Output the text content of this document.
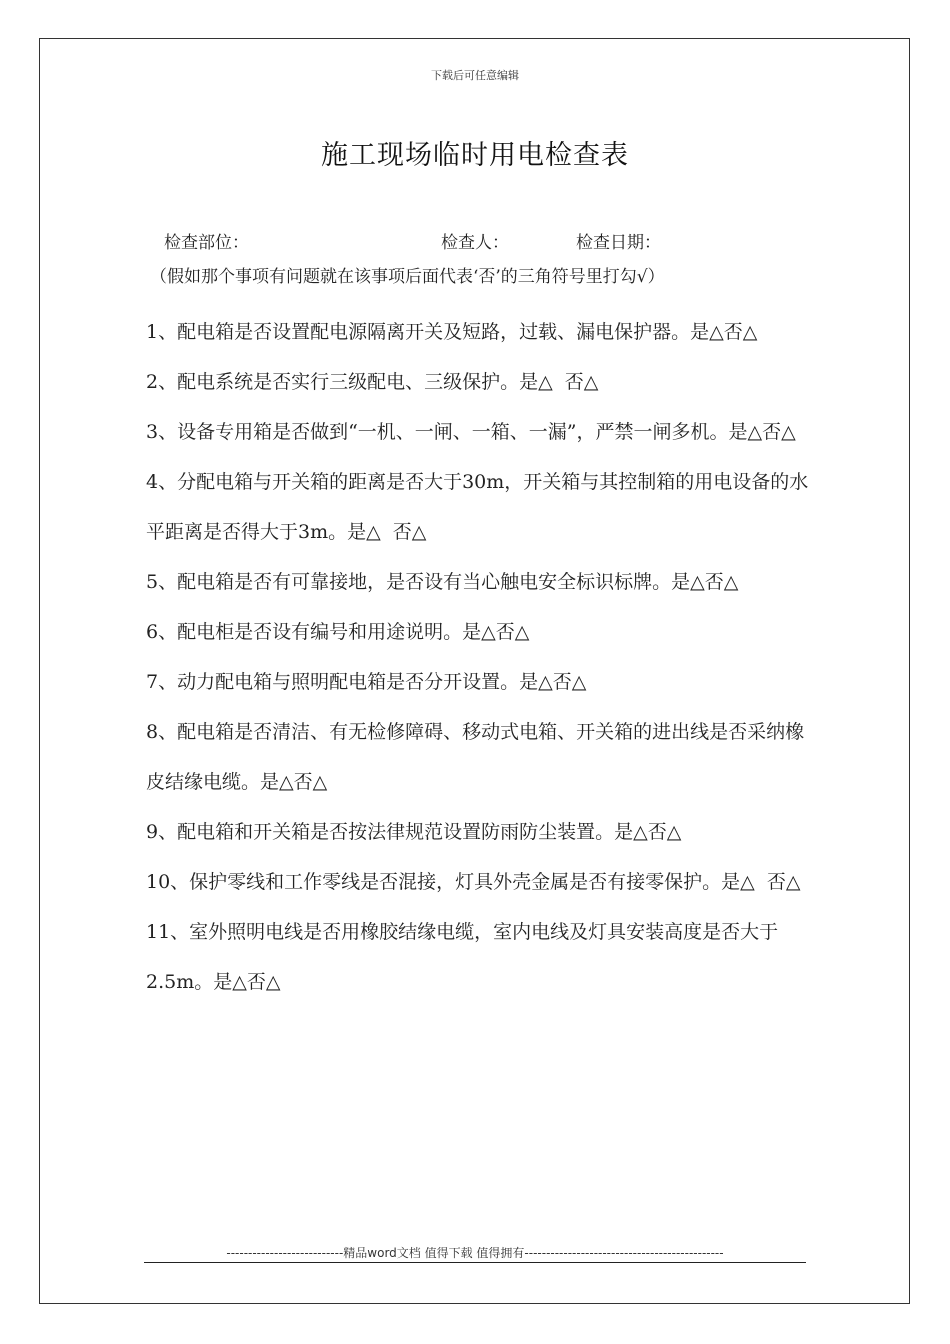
下载后可任意编辑
施工现场临时用电检查表
检查部位：	检查人：	检查日期：
（假如那个事项有问题就在该事项后面代表‘否’的三角符号里打勾√）

1、配电箱是否设置配电源隔离开关及短路，过载、漏电保护器。是△否△

2、配电系统是否实行三级配电、三级保护。是△  否△

3、设备专用箱是否做到“一机、一闸、一箱、一漏”，严禁一闸多机。是△否△

4、分配电箱与开关箱的距离是否大于30m，开关箱与其控制箱的用电设备的水平距离是否得大于3m。是△  否△

5、配电箱是否有可靠接地，是否设有当心触电安全标识标牌。是△否△

6、配电柜是否设有编号和用途说明。是△否△

7、动力配电箱与照明配电箱是否分开设置。是△否△

8、配电箱是否清洁、有无检修障碍、移动式电箱、开关箱的进出线是否采纳橡皮结缘电缆。是△否△

9、配电箱和开关箱是否按法律规范设置防雨防尘装置。是△否△

10、保护零线和工作零线是否混接，灯具外壳金属是否有接零保护。是△  否△

11、室外照明电线是否用橡胶结缘电缆，室内电线及灯具安装高度是否大于2.5m。是△否△

---------------------------精品word文档 值得下载 值得拥有----------------------------------------------
